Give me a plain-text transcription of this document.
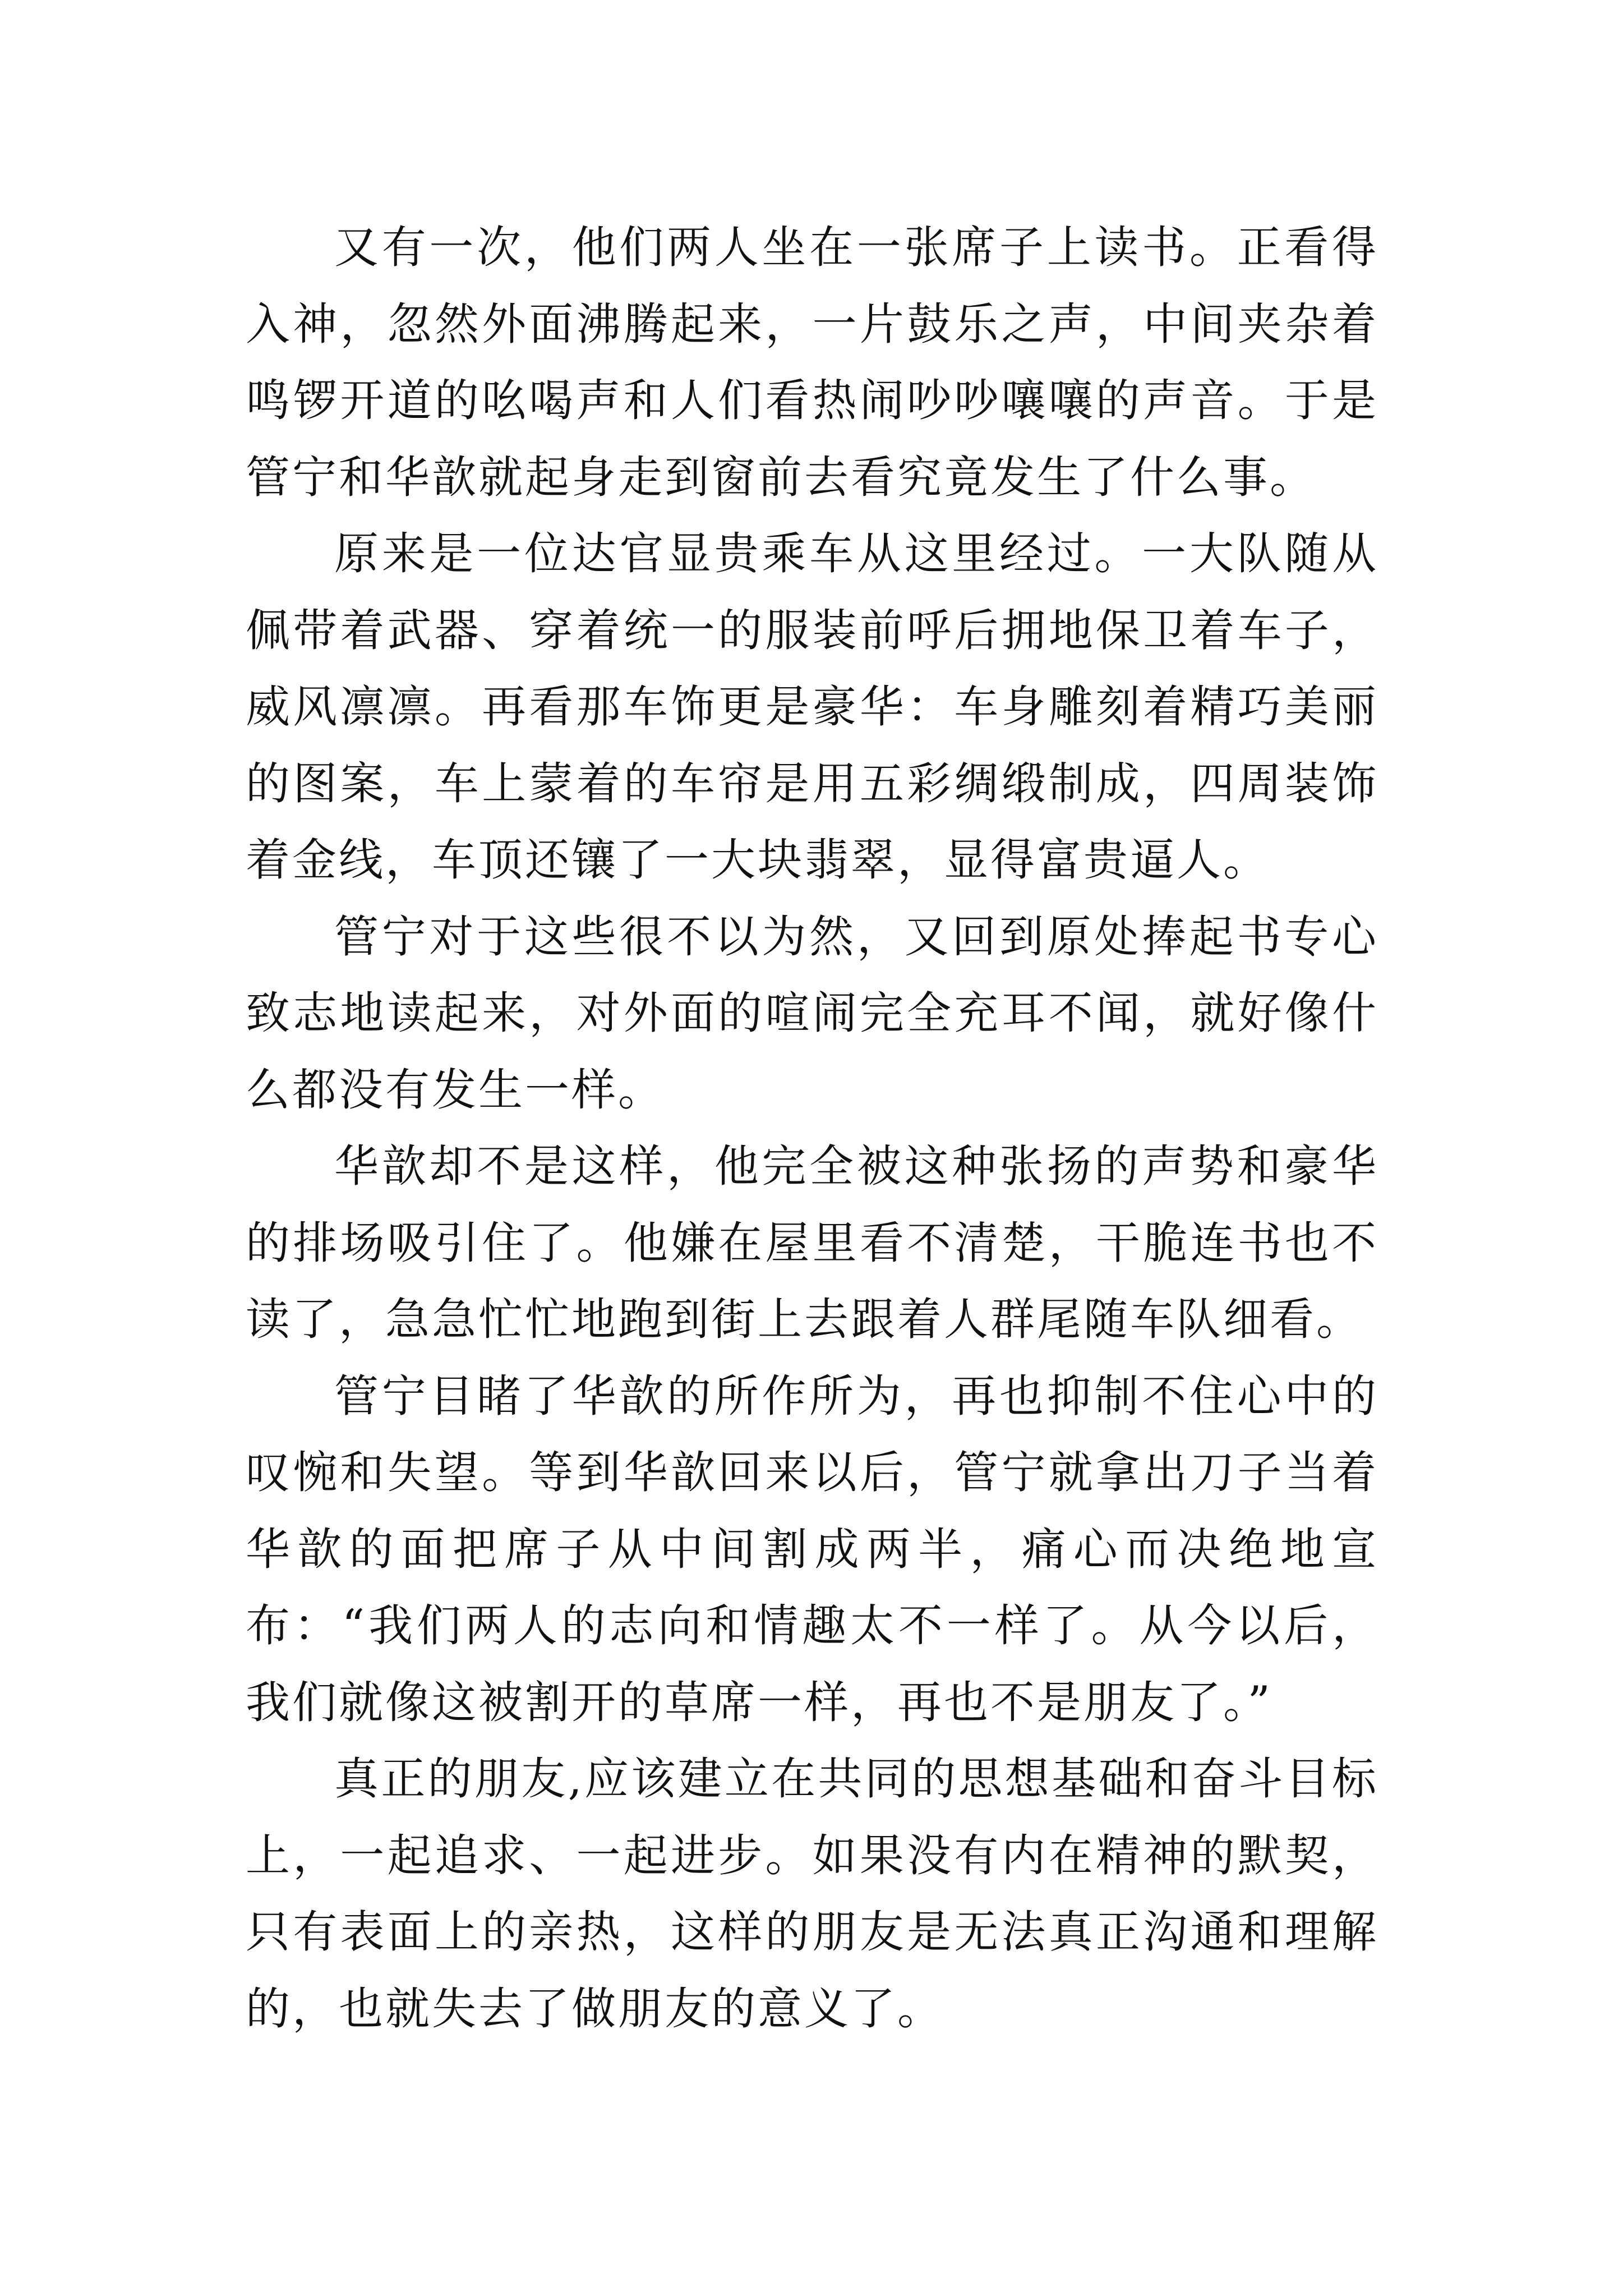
又有一次，他们两人坐在一张席子上读书。正看得入神，忽然外面沸腾起来，一片鼓乐之声，中间夹杂着鸣锣开道的吆喝声和人们看热闹吵吵嚷嚷的声音。于是管宁和华歆就起身走到窗前去看究竟发生了什么事。

原来是一位达官显贵乘车从这里经过。一大队随从佩带着武器、穿着统一的服装前呼后拥地保卫着车子，威风凛凛。再看那车饰更是豪华：车身雕刻着精巧美丽的图案，车上蒙着的车帘是用五彩绸缎制成，四周装饰着金线，车顶还镶了一大块翡翠，显得富贵逼人。

管宁对于这些很不以为然，又回到原处捧起书专心致志地读起来，对外面的喧闹完全充耳不闻，就好像什么都没有发生一样。

华歆却不是这样，他完全被这种张扬的声势和豪华的排场吸引住了。他嫌在屋里看不清楚，干脆连书也不读了，急急忙忙地跑到街上去跟着人群尾随车队细看。

管宁目睹了华歆的所作所为，再也抑制不住心中的叹惋和失望。等到华歆回来以后，管宁就拿出刀子当着华歆的面把席子从中间割成两半，痛心而决绝地宣布：“我们两人的志向和情趣太不一样了。从今以后，我们就像这被割开的草席一样，再也不是朋友了。”

真正的朋友,应该建立在共同的思想基础和奋斗目标上，一起追求、一起进步。如果没有内在精神的默契，只有表面上的亲热，这样的朋友是无法真正沟通和理解的，也就失去了做朋友的意义了。
